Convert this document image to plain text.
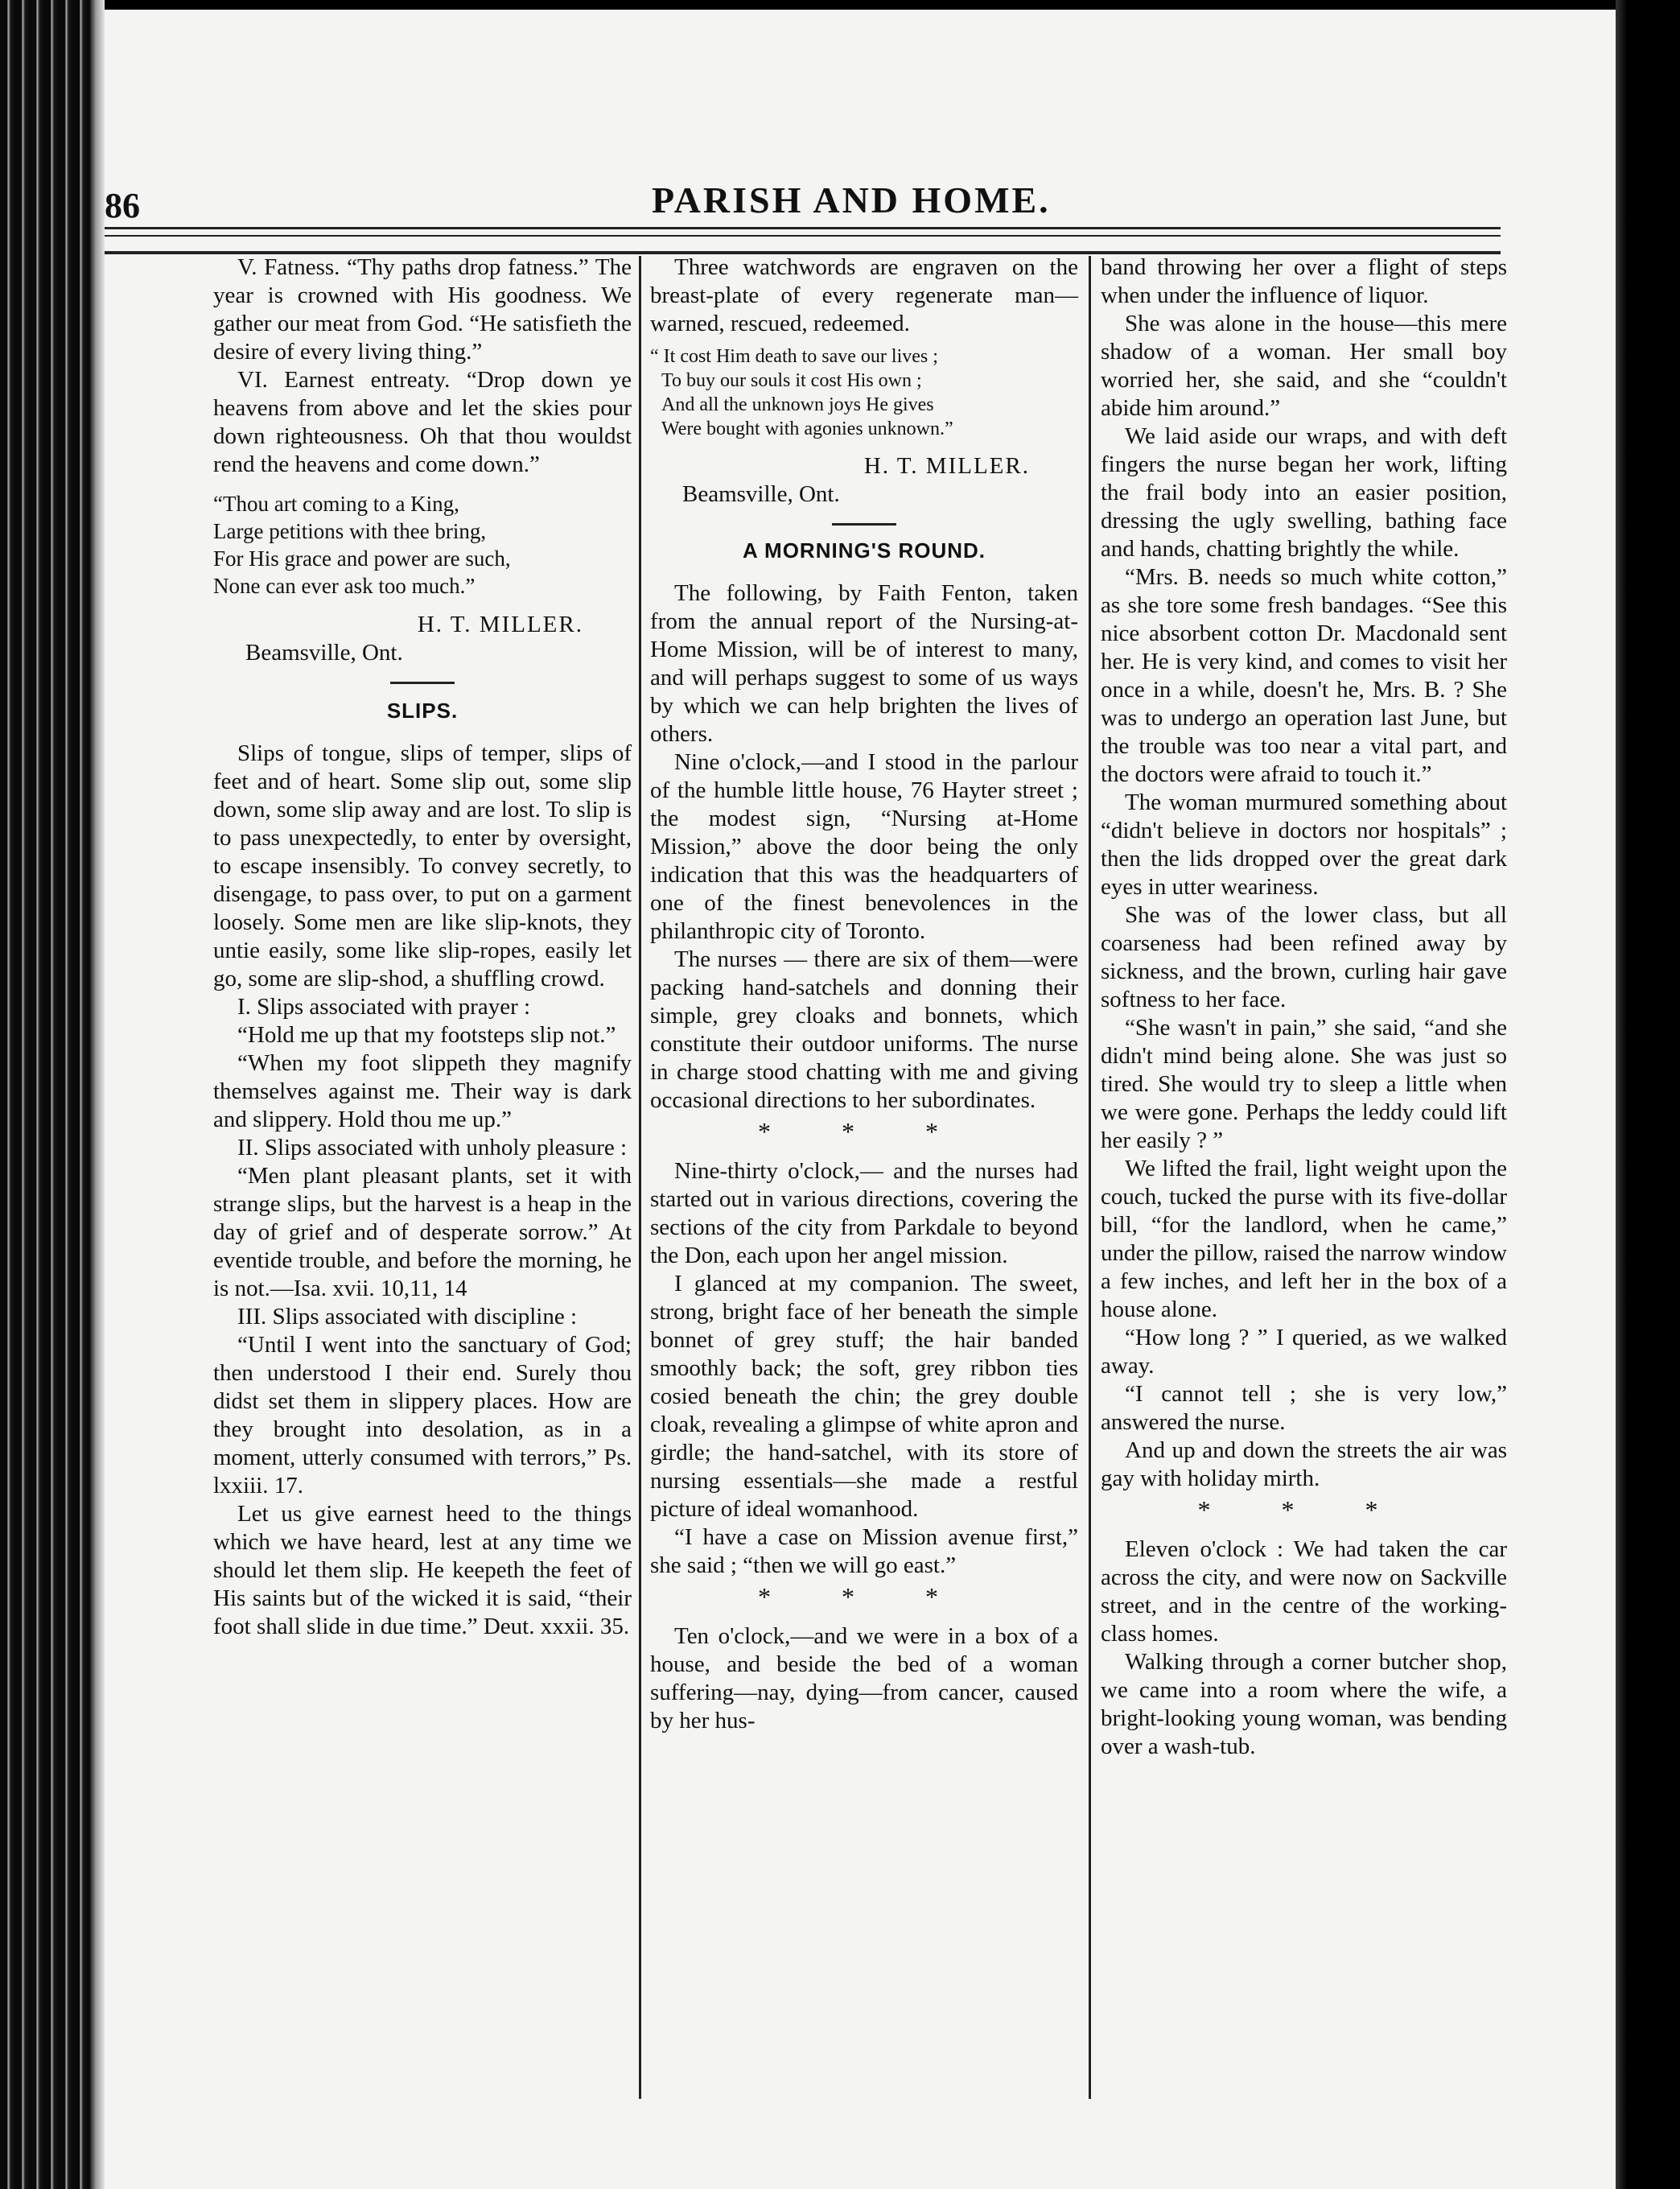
86	PARISH AND HOME.

V. Fatness. “Thy paths drop fatness.” The year is crowned with His goodness. We gather our meat from God. “He satisfieth the desire of every living thing.”

VI. Earnest entreaty. “Drop down ye heavens from above and let the skies pour down righteousness. Oh that thou wouldst rend the heavens and come down.”

“Thou art coming to a King,
Large petitions with thee bring,
For His grace and power are such,
None can ever ask too much.”

H. T. MILLER.

Beamsville, Ont.

SLIPS.

Slips of tongue, slips of temper, slips of feet and of heart. Some slip out, some slip down, some slip away and are lost. To slip is to pass unexpectedly, to enter by oversight, to escape insensibly. To convey secretly, to disengage, to pass over, to put on a garment loosely. Some men are like slip-knots, they untie easily, some like slip-ropes, easily let go, some are slip-shod, a shuffling crowd.

I. Slips associated with prayer :

“Hold me up that my footsteps slip not.”

“When my foot slippeth they magnify themselves against me. Their way is dark and slippery. Hold thou me up.”

II. Slips associated with unholy pleasure :

“Men plant pleasant plants, set it with strange slips, but the harvest is a heap in the day of grief and of desperate sorrow.” At eventide trouble, and before the morning, he is not.—Isa. xvii. 10,11, 14

III. Slips associated with discipline :

“Until I went into the sanctuary of God; then understood I their end. Surely thou didst set them in slippery places. How are they brought into desolation, as in a moment, utterly consumed with terrors,” Ps. lxxiii. 17.

Let us give earnest heed to the things which we have heard, lest at any time we should let them slip. He keepeth the feet of His saints but of the wicked it is said, “their foot shall slide in due time.” Deut. xxxii. 35.

Three watchwords are engraven on the breast-plate of every regenerate man—warned, rescued, redeemed.

“ It cost Him death to save our lives ;
To buy our souls it cost His own ;
And all the unknown joys He gives
Were bought with agonies unknown.”

H. T. MILLER.

Beamsville, Ont.

A MORNING'S ROUND.

The following, by Faith Fenton, taken from the annual report of the Nursing-at-Home Mission, will be of interest to many, and will perhaps suggest to some of us ways by which we can help brighten the lives of others.

Nine o'clock,—and I stood in the parlour of the humble little house, 76 Hayter street ; the modest sign, “Nursing at-Home Mission,” above the door being the only indication that this was the headquarters of one of the finest benevolences in the philanthropic city of Toronto.

The nurses — there are six of them—were packing hand-satchels and donning their simple, grey cloaks and bonnets, which constitute their outdoor uniforms. The nurse in charge stood chatting with me and giving occasional directions to her subordinates.

* * *

Nine-thirty o'clock,— and the nurses had started out in various directions, covering the sections of the city from Parkdale to beyond the Don, each upon her angel mission.

I glanced at my companion. The sweet, strong, bright face of her beneath the simple bonnet of grey stuff; the hair banded smoothly back; the soft, grey ribbon ties cosied beneath the chin; the grey double cloak, revealing a glimpse of white apron and girdle; the hand-satchel, with its store of nursing essentials—she made a restful picture of ideal womanhood.

“I have a case on Mission avenue first,” she said ; “then we will go east.”

* * *

Ten o'clock,—and we were in a box of a house, and beside the bed of a woman suffering—nay, dying—from cancer, caused by her hus-

band throwing her over a flight of steps when under the influence of liquor.

She was alone in the house—this mere shadow of a woman. Her small boy worried her, she said, and she “couldn't abide him around.”

We laid aside our wraps, and with deft fingers the nurse began her work, lifting the frail body into an easier position, dressing the ugly swelling, bathing face and hands, chatting brightly the while.

“Mrs. B. needs so much white cotton,” as she tore some fresh bandages. “See this nice absorbent cotton Dr. Macdonald sent her. He is very kind, and comes to visit her once in a while, doesn't he, Mrs. B. ? She was to undergo an operation last June, but the trouble was too near a vital part, and the doctors were afraid to touch it.”

The woman murmured something about “didn't believe in doctors nor hospitals” ; then the lids dropped over the great dark eyes in utter weariness.

She was of the lower class, but all coarseness had been refined away by sickness, and the brown, curling hair gave softness to her face.

“She wasn't in pain,” she said, “and she didn't mind being alone. She was just so tired. She would try to sleep a little when we were gone. Perhaps the leddy could lift her easily ? ”

We lifted the frail, light weight upon the couch, tucked the purse with its five-dollar bill, “for the landlord, when he came,” under the pillow, raised the narrow window a few inches, and left her in the box of a house alone.

“How long ? ” I queried, as we walked away.

“I cannot tell ; she is very low,” answered the nurse.

And up and down the streets the air was gay with holiday mirth.

* * *

Eleven o'clock : We had taken the car across the city, and were now on Sackville street, and in the centre of the working-class homes.

Walking through a corner butcher shop, we came into a room where the wife, a bright-looking young woman, was bending over a wash-tub.
